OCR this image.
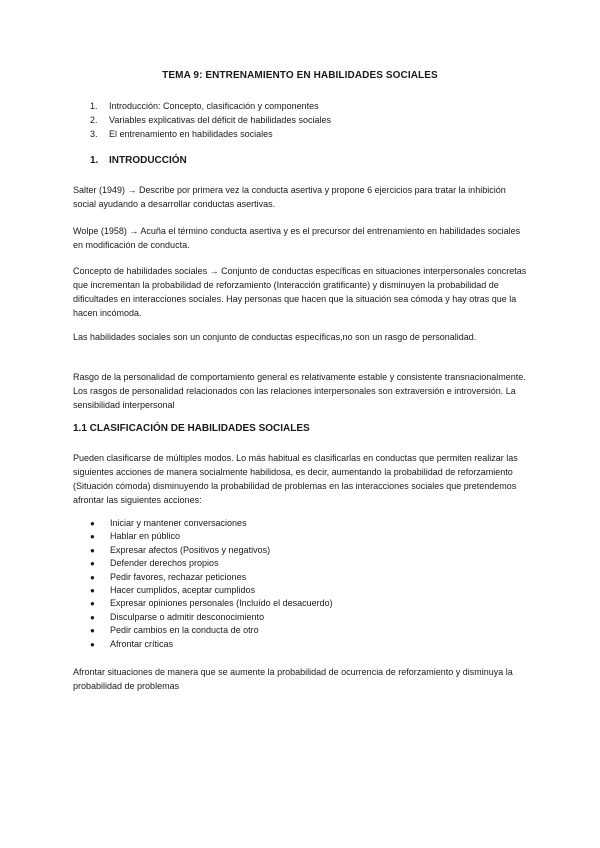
TEMA 9: ENTRENAMIENTO EN HABILIDADES SOCIALES
1.	Introducción: Concepto, clasificación y componentes
2.	Variables explicativas del déficit de habilidades sociales
3.	El entrenamiento en habilidades sociales
1. INTRODUCCIÓN

Salter (1949) → Describe por primera vez la conducta asertiva y propone 6 ejercicios para tratar la inhibición social ayudando a desarrollar conductas asertivas.

Wolpe (1958) → Acuña el término conducta asertiva y es el precursor del entrenamiento en habilidades sociales en modificación de conducta.

Concepto de habilidades sociales → Conjunto de conductas específicas en situaciones interpersonales concretas que incrementan la probabilidad de reforzamiento (Interacción gratificante) y disminuyen la probabilidad de dificultades en interacciones sociales. Hay personas que hacen que la situación sea cómoda y hay otras que la hacen incómoda.

Las habilidades sociales son un conjunto de conductas específicas,no son un rasgo de personalidad.

Rasgo de la personalidad de comportamiento general es relativamente estable y consistente transnacionalmente. Los rasgos de personalidad relacionados con las relaciones interpersonales son extraversión e introversión. La sensibilidad interpersonal

1.1 CLASIFICACIÓN DE HABILIDADES SOCIALES

Pueden clasificarse de múltiples modos. Lo más habitual es clasificarlas en conductas que permiten realizar las siguientes acciones de manera socialmente habilidosa, es decir, aumentando la probabilidad de reforzamiento (Situación cómoda) disminuyendo la probabilidad de problemas en las interacciones sociales que pretendemos afrontar las siguientes acciones:

●	Iniciar y mantener conversaciones
●	Hablar en público
●	Expresar afectos (Positivos y negativos)
●	Defender derechos propios
●	Pedir favores, rechazar peticiones
●	Hacer cumplidos, aceptar cumplidos
●	Expresar opiniones personales (Incluído el desacuerdo)
●	Disculparse o admitir desconocimiento
●	Pedir cambios en la conducta de otro
●	Afrontar críticas

Afrontar situaciones de manera que se aumente la probabilidad de ocurrencia de reforzamiento y disminuya la probabilidad de problemas
